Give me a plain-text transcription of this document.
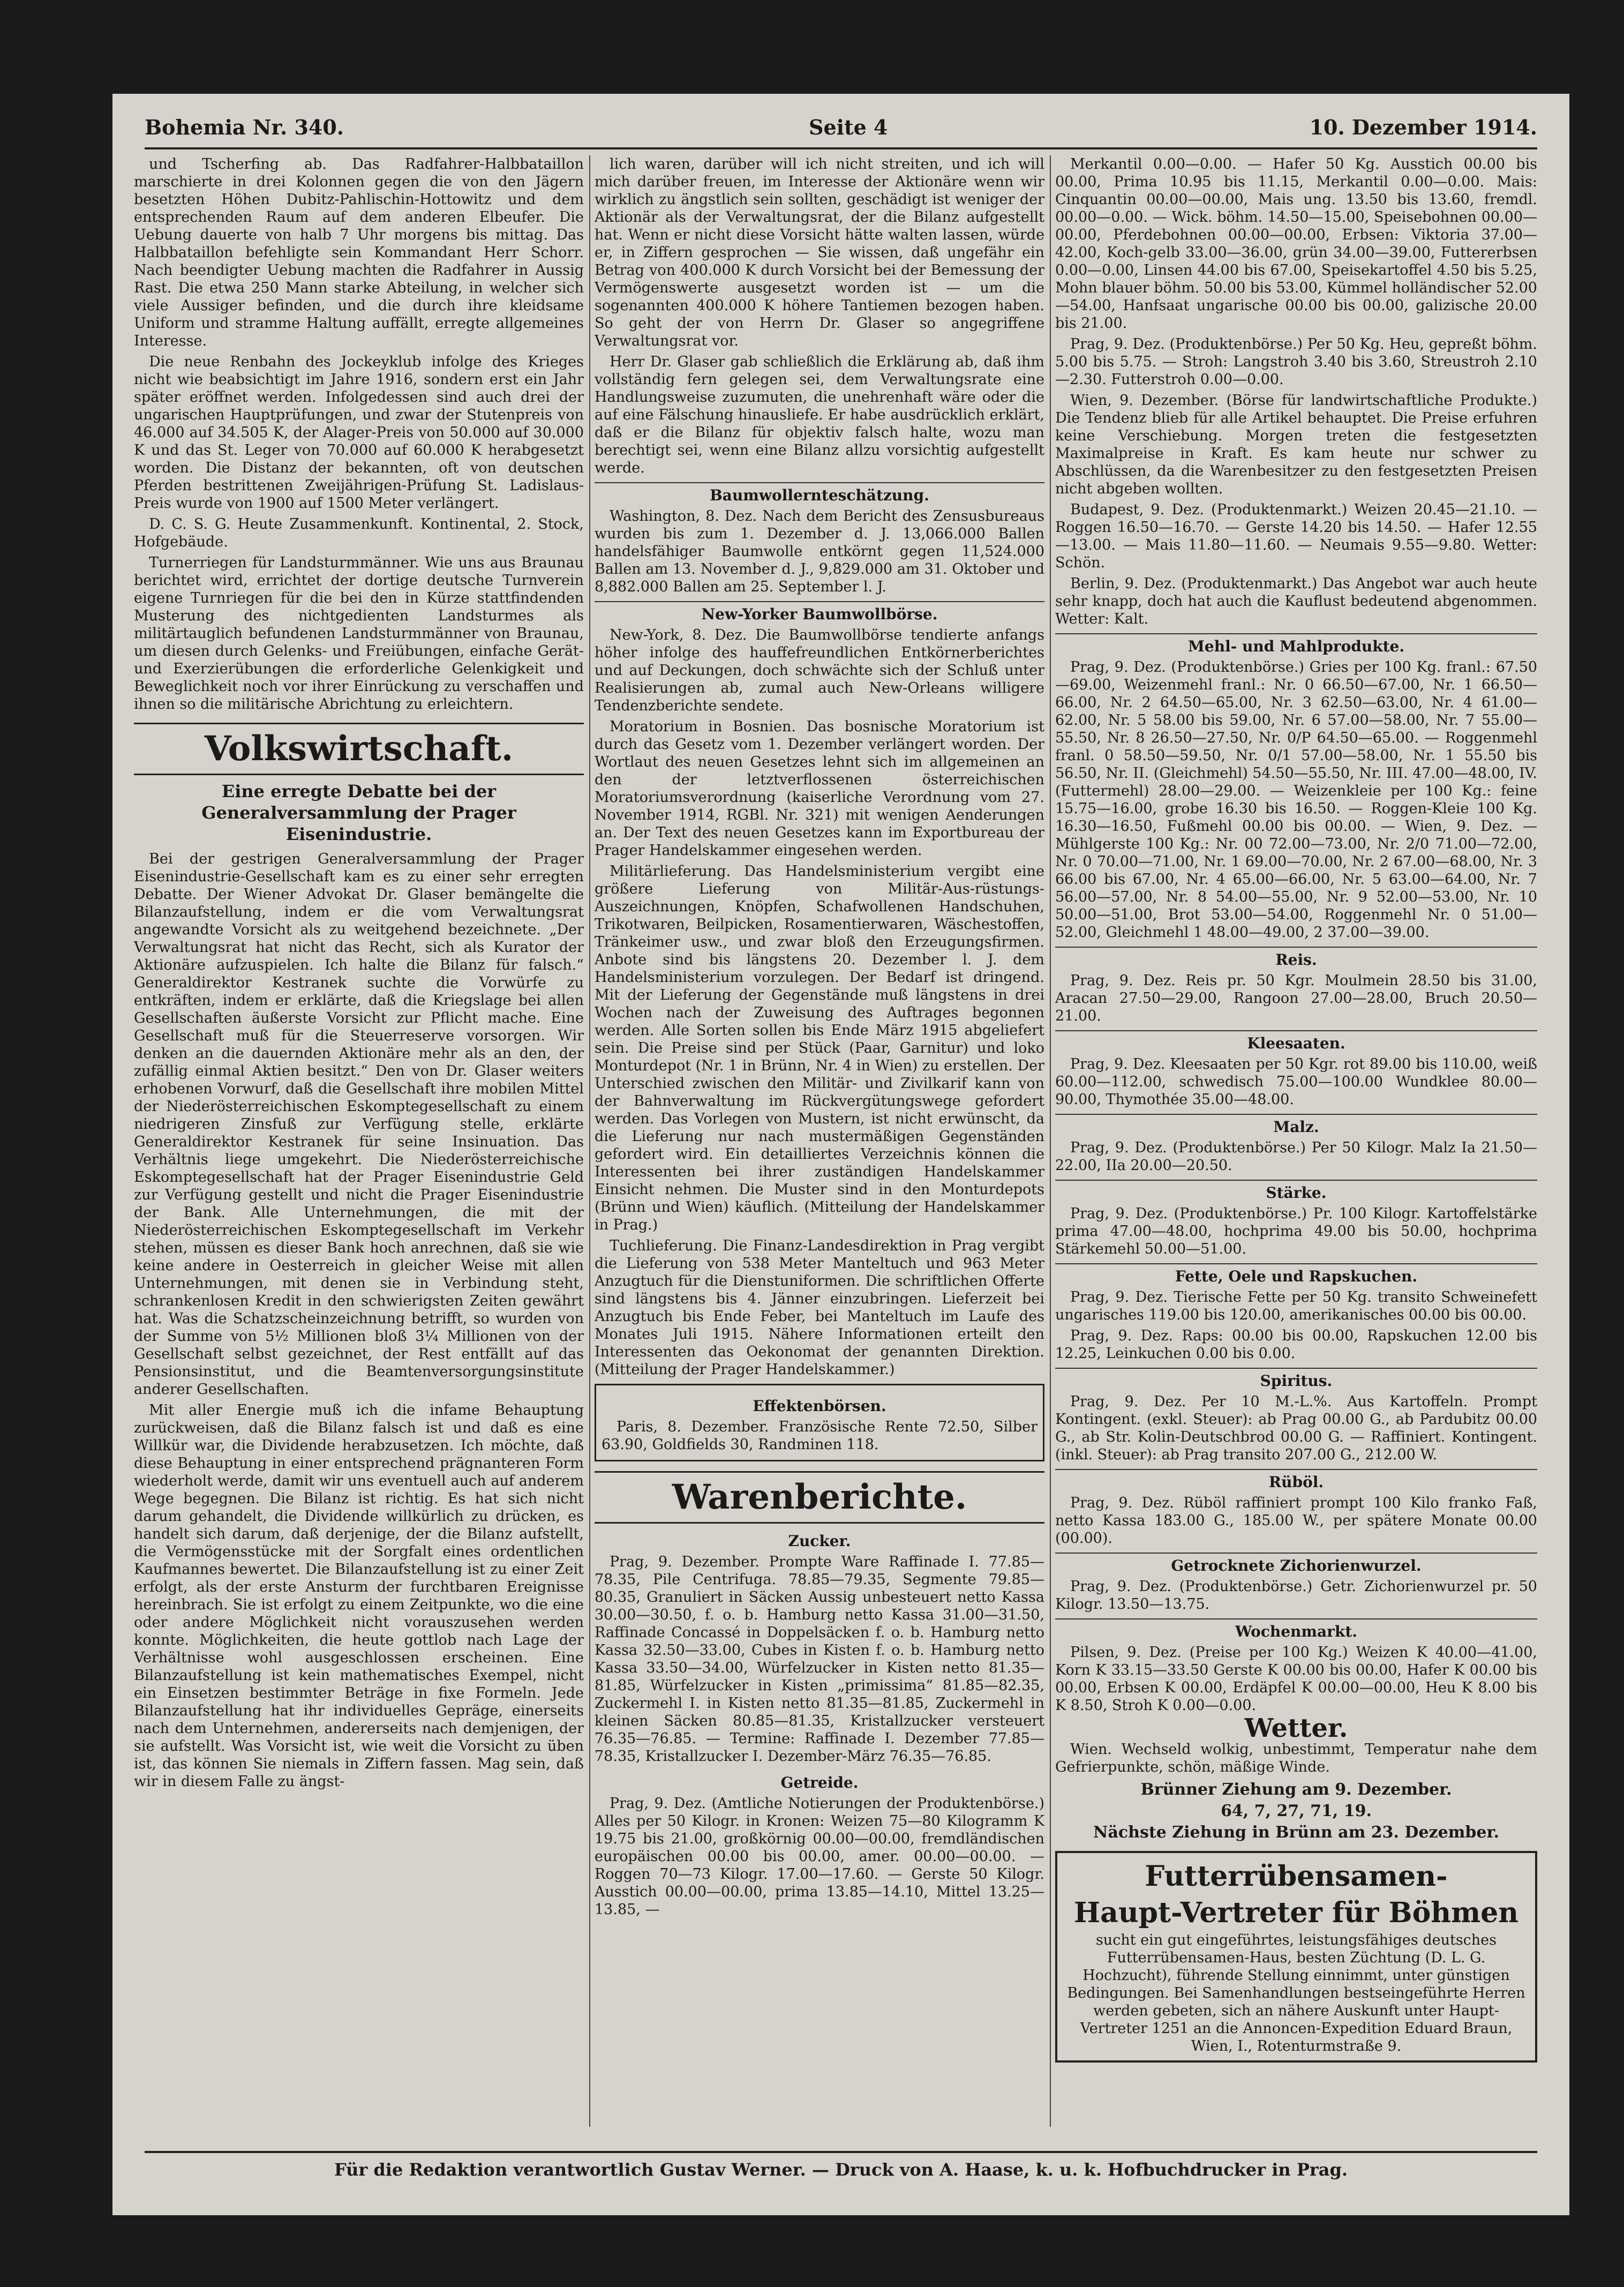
Bohemia Nr. 340.	Seite 4	10. Dezember 1914.

und Tscherfing ab. Das Radfahrer-Halbbataillon marschierte in drei Kolonnen gegen die von den Jägern besetzten Höhen Dubitz-Pahlischin-Hottowitz und dem entsprechenden Raum auf dem anderen Elbeufer. Die Uebung dauerte von halb 7 Uhr morgens bis mittag. Das Halbbataillon befehligte sein Kommandant Herr Schorr. Nach beendigter Uebung machten die Radfahrer in Aussig Rast. Die etwa 250 Mann starke Abteilung, in welcher sich viele Aussiger befinden, und die durch ihre kleidsame Uniform und stramme Haltung auffällt, erregte allgemeines Interesse.

Die neue Renbahn des Jockeyklub infolge des Krieges nicht wie beabsichtigt im Jahre 1916, sondern erst ein Jahr später eröffnet werden. Infolgedessen sind auch drei der ungarischen Hauptprüfungen, und zwar der Stutenpreis von 46.000 auf 34.505 K, der Alager-Preis von 50.000 auf 30.000 K und das St. Leger von 70.000 auf 60.000 K herabgesetzt worden. Die Distanz der bekannten, oft von deutschen Pferden bestrittenen Zweijährigen-Prüfung St. Ladislaus-Preis wurde von 1900 auf 1500 Meter verlängert.

D. C. S. G. Heute Zusammenkunft. Kontinental, 2. Stock, Hofgebäude.

Turnerriegen für Landsturmmänner. Wie uns aus Braunau berichtet wird, errichtet der dortige deutsche Turnverein eigene Turnriegen für die bei den in Kürze stattfindenden Musterung des nichtgedienten Landsturmes als militärtauglich befundenen Landsturmmänner von Braunau, um diesen durch Gelenks- und Freiübungen, einfache Gerät- und Exerzierübungen die erforderliche Gelenkigkeit und Beweglichkeit noch vor ihrer Einrückung zu verschaffen und ihnen so die militärische Abrichtung zu erleichtern.

Volkswirtschaft.
Eine erregte Debatte bei der Generalversammlung der Prager Eisenindustrie.

Bei der gestrigen Generalversammlung der Prager Eisenindustrie-Gesellschaft kam es zu einer sehr erregten Debatte. Der Wiener Advokat Dr. Glaser bemängelte die Bilanzaufstellung, indem er die vom Verwaltungsrat angewandte Vorsicht als zu weitgehend bezeichnete. „Der Verwaltungsrat hat nicht das Recht, sich als Kurator der Aktionäre aufzuspielen. Ich halte die Bilanz für falsch.“ Generaldirektor Kestranek suchte die Vorwürfe zu entkräften, indem er erklärte, daß die Kriegslage bei allen Gesellschaften äußerste Vorsicht zur Pflicht mache. Eine Gesellschaft muß für die Steuerreserve vorsorgen. Wir denken an die dauernden Aktionäre mehr als an den, der zufällig einmal Aktien besitzt.“ Den von Dr. Glaser weiters erhobenen Vorwurf, daß die Gesellschaft ihre mobilen Mittel der Niederösterreichischen Eskomptegesellschaft zu einem niedrigeren Zinsfuß zur Verfügung stelle, erklärte Generaldirektor Kestranek für seine Insinuation. Das Verhältnis liege umgekehrt. Die Niederösterreichische Eskomptegesellschaft hat der Prager Eisenindustrie Geld zur Verfügung gestellt und nicht die Prager Eisenindustrie der Bank. Alle Unternehmungen, die mit der Niederösterreichischen Eskomptegesellschaft im Verkehr stehen, müssen es dieser Bank hoch anrechnen, daß sie wie keine andere in Oesterreich in gleicher Weise mit allen Unternehmungen, mit denen sie in Verbindung steht, schrankenlosen Kredit in den schwierigsten Zeiten gewährt hat. Was die Schatzscheinzeichnung betrifft, so wurden von der Summe von 5½ Millionen bloß 3¼ Millionen von der Gesellschaft selbst gezeichnet, der Rest entfällt auf das Pensionsinstitut, und die Beamtenversorgungsinstitute anderer Gesellschaften.

Mit aller Energie muß ich die infame Behauptung zurückweisen, daß die Bilanz falsch ist und daß es eine Willkür war, die Dividende herabzusetzen. Ich möchte, daß diese Behauptung in einer entsprechend prägnanteren Form wiederholt werde, damit wir uns eventuell auch auf anderem Wege begegnen. Die Bilanz ist richtig. Es hat sich nicht darum gehandelt, die Dividende willkürlich zu drücken, es handelt sich darum, daß derjenige, der die Bilanz aufstellt, die Vermögensstücke mit der Sorgfalt eines ordentlichen Kaufmannes bewertet. Die Bilanzaufstellung ist zu einer Zeit erfolgt, als der erste Ansturm der furchtbaren Ereignisse hereinbrach. Sie ist erfolgt zu einem Zeitpunkte, wo die eine oder andere Möglichkeit nicht vorauszusehen werden konnte. Möglichkeiten, die heute gottlob nach Lage der Verhältnisse wohl ausgeschlossen erscheinen. Eine Bilanzaufstellung ist kein mathematisches Exempel, nicht ein Einsetzen bestimmter Beträge in fixe Formeln. Jede Bilanzaufstellung hat ihr individuelles Gepräge, einerseits nach dem Unternehmen, andererseits nach demjenigen, der sie aufstellt. Was Vorsicht ist, wie weit die Vorsicht zu üben ist, das können Sie niemals in Ziffern fassen. Mag sein, daß wir in diesem Falle zu ängst-

lich waren, darüber will ich nicht streiten, und ich will mich darüber freuen, im Interesse der Aktionäre wenn wir wirklich zu ängstlich sein sollten, geschädigt ist weniger der Aktionär als der Verwaltungsrat, der die Bilanz aufgestellt hat. Wenn er nicht diese Vorsicht hätte walten lassen, würde er, in Ziffern gesprochen — Sie wissen, daß ungefähr ein Betrag von 400.000 K durch Vorsicht bei der Bemessung der Vermögenswerte ausgesetzt worden ist — um die sogenannten 400.000 K höhere Tantiemen bezogen haben. So geht der von Herrn Dr. Glaser so angegriffene Verwaltungsrat vor.

Herr Dr. Glaser gab schließlich die Erklärung ab, daß ihm vollständig fern gelegen sei, dem Verwaltungsrate eine Handlungsweise zuzumuten, die unehrenhaft wäre oder die auf eine Fälschung hinausliefe. Er habe ausdrücklich erklärt, daß er die Bilanz für objektiv falsch halte, wozu man berechtigt sei, wenn eine Bilanz allzu vorsichtig aufgestellt werde.

Baumwollernteschätzung.

Washington, 8. Dez. Nach dem Bericht des Zensusbureaus wurden bis zum 1. Dezember d. J. 13,066.000 Ballen handelsfähiger Baumwolle entkörnt gegen 11,524.000 Ballen am 13. November d. J., 9,829.000 am 31. Oktober und 8,882.000 Ballen am 25. September l. J.

New-Yorker Baumwollbörse.

New-York, 8. Dez. Die Baumwollbörse tendierte anfangs höher infolge des hauffefreundlichen Entkörnerberichtes und auf Deckungen, doch schwächte sich der Schluß unter Realisierungen ab, zumal auch New-Orleans willigere Tendenzberichte sendete.

Moratorium in Bosnien. Das bosnische Moratorium ist durch das Gesetz vom 1. Dezember verlängert worden. Der Wortlaut des neuen Gesetzes lehnt sich im allgemeinen an den der letztverflossenen österreichischen Moratoriumsverordnung (kaiserliche Verordnung vom 27. November 1914, RGBl. Nr. 321) mit wenigen Aenderungen an. Der Text des neuen Gesetzes kann im Exportbureau der Prager Handelskammer eingesehen werden.

Militärlieferung. Das Handelsministerium vergibt eine größere Lieferung von Militär-Aus-rüstungs-Auszeichnungen, Knöpfen, Schafwollenen Handschuhen, Trikotwaren, Beilpicken, Rosamentierwaren, Wäschestoffen, Tränkeimer usw., und zwar bloß den Erzeugungsfirmen. Anbote sind bis längstens 20. Dezember l. J. dem Handelsministerium vorzulegen. Der Bedarf ist dringend. Mit der Lieferung der Gegenstände muß längstens in drei Wochen nach der Zuweisung des Auftrages begonnen werden. Alle Sorten sollen bis Ende März 1915 abgeliefert sein. Die Preise sind per Stück (Paar, Garnitur) und loko Monturdepot (Nr. 1 in Brünn, Nr. 4 in Wien) zu erstellen. Der Unterschied zwischen den Militär- und Zivilkarif kann von der Bahnverwaltung im Rückvergütungswege gefordert werden. Das Vorlegen von Mustern, ist nicht erwünscht, da die Lieferung nur nach mustermäßigen Gegenständen gefordert wird. Ein detailliertes Verzeichnis können die Interessenten bei ihrer zuständigen Handelskammer Einsicht nehmen. Die Muster sind in den Monturdepots (Brünn und Wien) käuflich. (Mitteilung der Handelskammer in Prag.)

Tuchlieferung. Die Finanz-Landesdirektion in Prag vergibt die Lieferung von 538 Meter Manteltuch und 963 Meter Anzugtuch für die Dienstuniformen. Die schriftlichen Offerte sind längstens bis 4. Jänner einzubringen. Lieferzeit bei Anzugtuch bis Ende Feber, bei Manteltuch im Laufe des Monates Juli 1915. Nähere Informationen erteilt den Interessenten das Oekonomat der genannten Direktion. (Mitteilung der Prager Handelskammer.)

Effektenbörsen.

Paris, 8. Dezember. Französische Rente 72.50, Silber 63.90, Goldfields 30, Randminen 118.

Warenberichte.
Zucker.

Prag, 9. Dezember. Prompte Ware Raffinade I. 77.85—78.35, Pile Centrifuga. 78.85—79.35, Segmente 79.85—80.35, Granuliert in Säcken Aussig unbesteuert netto Kassa 30.00—30.50, f. o. b. Hamburg netto Kassa 31.00—31.50, Raffinade Concassé in Doppelsäcken f. o. b. Hamburg netto Kassa 32.50—33.00, Cubes in Kisten f. o. b. Hamburg netto Kassa 33.50—34.00, Würfelzucker in Kisten netto 81.35—81.85, Würfelzucker in Kisten „primissima“ 81.85—82.35, Zuckermehl I. in Kisten netto 81.35—81.85, Zuckermehl in kleinen Säcken 80.85—81.35, Kristallzucker versteuert 76.35—76.85. — Termine: Raffinade I. Dezember 77.85—78.35, Kristallzucker I. Dezember-März 76.35—76.85.

Getreide.

Prag, 9. Dez. (Amtliche Notierungen der Produktenbörse.) Alles per 50 Kilogr. in Kronen: Weizen 75—80 Kilogramm K 19.75 bis 21.00, großkörnig 00.00—00.00, fremdländischen europäischen 00.00 bis 00.00, amer. 00.00—00.00. — Roggen 70—73 Kilogr. 17.00—17.60. — Gerste 50 Kilogr. Ausstich 00.00—00.00, prima 13.85—14.10, Mittel 13.25—13.85, —

Merkantil 0.00—0.00. — Hafer 50 Kg. Ausstich 00.00 bis 00.00, Prima 10.95 bis 11.15, Merkantil 0.00—0.00. Mais: Cinquantin 00.00—00.00, Mais ung. 13.50 bis 13.60, fremdl. 00.00—0.00. — Wick. böhm. 14.50—15.00, Speisebohnen 00.00—00.00, Pferdebohnen 00.00—00.00, Erbsen: Viktoria 37.00—42.00, Koch-gelb 33.00—36.00, grün 34.00—39.00, Futtererbsen 0.00—0.00, Linsen 44.00 bis 67.00, Speisekartoffel 4.50 bis 5.25, Mohn blauer böhm. 50.00 bis 53.00, Kümmel holländischer 52.00—54.00, Hanfsaat ungarische 00.00 bis 00.00, galizische 20.00 bis 21.00.

Prag, 9. Dez. (Produktenbörse.) Per 50 Kg. Heu, gepreßt böhm. 5.00 bis 5.75. — Stroh: Langstroh 3.40 bis 3.60, Streustroh 2.10—2.30. Futterstroh 0.00—0.00.

Wien, 9. Dezember. (Börse für landwirtschaftliche Produkte.) Die Tendenz blieb für alle Artikel behauptet. Die Preise erfuhren keine Verschiebung. Morgen treten die festgesetzten Maximalpreise in Kraft. Es kam heute nur schwer zu Abschlüssen, da die Warenbesitzer zu den festgesetzten Preisen nicht abgeben wollten.

Budapest, 9. Dez. (Produktenmarkt.) Weizen 20.45—21.10. — Roggen 16.50—16.70. — Gerste 14.20 bis 14.50. — Hafer 12.55—13.00. — Mais 11.80—11.60. — Neumais 9.55—9.80. Wetter: Schön.

Berlin, 9. Dez. (Produktenmarkt.) Das Angebot war auch heute sehr knapp, doch hat auch die Kauflust bedeutend abgenommen. Wetter: Kalt.

Mehl- und Mahlprodukte.

Prag, 9. Dez. (Produktenbörse.) Gries per 100 Kg. franl.: 67.50—69.00, Weizenmehl franl.: Nr. 0 66.50—67.00, Nr. 1 66.50—66.00, Nr. 2 64.50—65.00, Nr. 3 62.50—63.00, Nr. 4 61.00—62.00, Nr. 5 58.00 bis 59.00, Nr. 6 57.00—58.00, Nr. 7 55.00—55.50, Nr. 8 26.50—27.50, Nr. 0/P 64.50—65.00. — Roggenmehl franl. 0 58.50—59.50, Nr. 0/1 57.00—58.00, Nr. 1 55.50 bis 56.50, Nr. II. (Gleichmehl) 54.50—55.50, Nr. III. 47.00—48.00, IV. (Futtermehl) 28.00—29.00. — Weizenkleie per 100 Kg.: feine 15.75—16.00, grobe 16.30 bis 16.50. — Roggen-Kleie 100 Kg. 16.30—16.50, Fußmehl 00.00 bis 00.00. — Wien, 9. Dez. — Mühlgerste 100 Kg.: Nr. 00 72.00—73.00, Nr. 2/0 71.00—72.00, Nr. 0 70.00—71.00, Nr. 1 69.00—70.00, Nr. 2 67.00—68.00, Nr. 3 66.00 bis 67.00, Nr. 4 65.00—66.00, Nr. 5 63.00—64.00, Nr. 7 56.00—57.00, Nr. 8 54.00—55.00, Nr. 9 52.00—53.00, Nr. 10 50.00—51.00, Brot 53.00—54.00, Roggenmehl Nr. 0 51.00—52.00, Gleichmehl 1 48.00—49.00, 2 37.00—39.00.

Reis.

Prag, 9. Dez. Reis pr. 50 Kgr. Moulmein 28.50 bis 31.00, Aracan 27.50—29.00, Rangoon 27.00—28.00, Bruch 20.50—21.00.

Kleesaaten.

Prag, 9. Dez. Kleesaaten per 50 Kgr. rot 89.00 bis 110.00, weiß 60.00—112.00, schwedisch 75.00—100.00 Wundklee 80.00—90.00, Thymothée 35.00—48.00.

Malz.

Prag, 9. Dez. (Produktenbörse.) Per 50 Kilogr. Malz Ia 21.50—22.00, IIa 20.00—20.50.

Stärke.

Prag, 9. Dez. (Produktenbörse.) Pr. 100 Kilogr. Kartoffelstärke prima 47.00—48.00, hochprima 49.00 bis 50.00, hochprima Stärkemehl 50.00—51.00.

Fette, Oele und Rapskuchen.

Prag, 9. Dez. Tierische Fette per 50 Kg. transito Schweinefett ungarisches 119.00 bis 120.00, amerikanisches 00.00 bis 00.00.

Prag, 9. Dez. Raps: 00.00 bis 00.00, Rapskuchen 12.00 bis 12.25, Leinkuchen 0.00 bis 0.00.

Spiritus.

Prag, 9. Dez. Per 10 M.-L.%. Aus Kartoffeln. Prompt Kontingent. (exkl. Steuer): ab Prag 00.00 G., ab Pardubitz 00.00 G., ab Str. Kolin-Deutschbrod 00.00 G. — Raffiniert. Kontingent. (inkl. Steuer): ab Prag transito 207.00 G., 212.00 W.

Rüböl.

Prag, 9. Dez. Rüböl raffiniert prompt 100 Kilo franko Faß, netto Kassa 183.00 G., 185.00 W., per spätere Monate 00.00 (00.00).

Getrocknete Zichorienwurzel.

Prag, 9. Dez. (Produktenbörse.) Getr. Zichorienwurzel pr. 50 Kilogr. 13.50—13.75.

Wochenmarkt.

Pilsen, 9. Dez. (Preise per 100 Kg.) Weizen K 40.00—41.00, Korn K 33.15—33.50 Gerste K 00.00 bis 00.00, Hafer K 00.00 bis 00.00, Erbsen K 00.00, Erdäpfel K 00.00—00.00, Heu K 8.00 bis K 8.50, Stroh K 0.00—0.00.

Wetter.

Wien. Wechseld wolkig, unbestimmt, Temperatur nahe dem Gefrierpunkte, schön, mäßige Winde.

Brünner Ziehung am 9. Dezember.
64, 7, 27, 71, 19.
Nächste Ziehung in Brünn am 23. Dezember.
Futterrübensamen-
Haupt-Vertreter für Böhmen
sucht ein gut eingeführtes, leistungsfähiges deutsches Futterrübensamen-Haus, besten Züchtung (D. L. G. Hochzucht), führende Stellung einnimmt, unter günstigen Bedingungen. Bei Samenhandlungen bestseingeführte Herren werden gebeten, sich an nähere Auskunft unter Haupt-Vertreter 1251 an die Annoncen-Expedition Eduard Braun, Wien, I., Rotenturmstraße 9.
Für die Redaktion verantwortlich Gustav Werner. — Druck von A. Haase, k. u. k. Hofbuchdrucker in Prag.
